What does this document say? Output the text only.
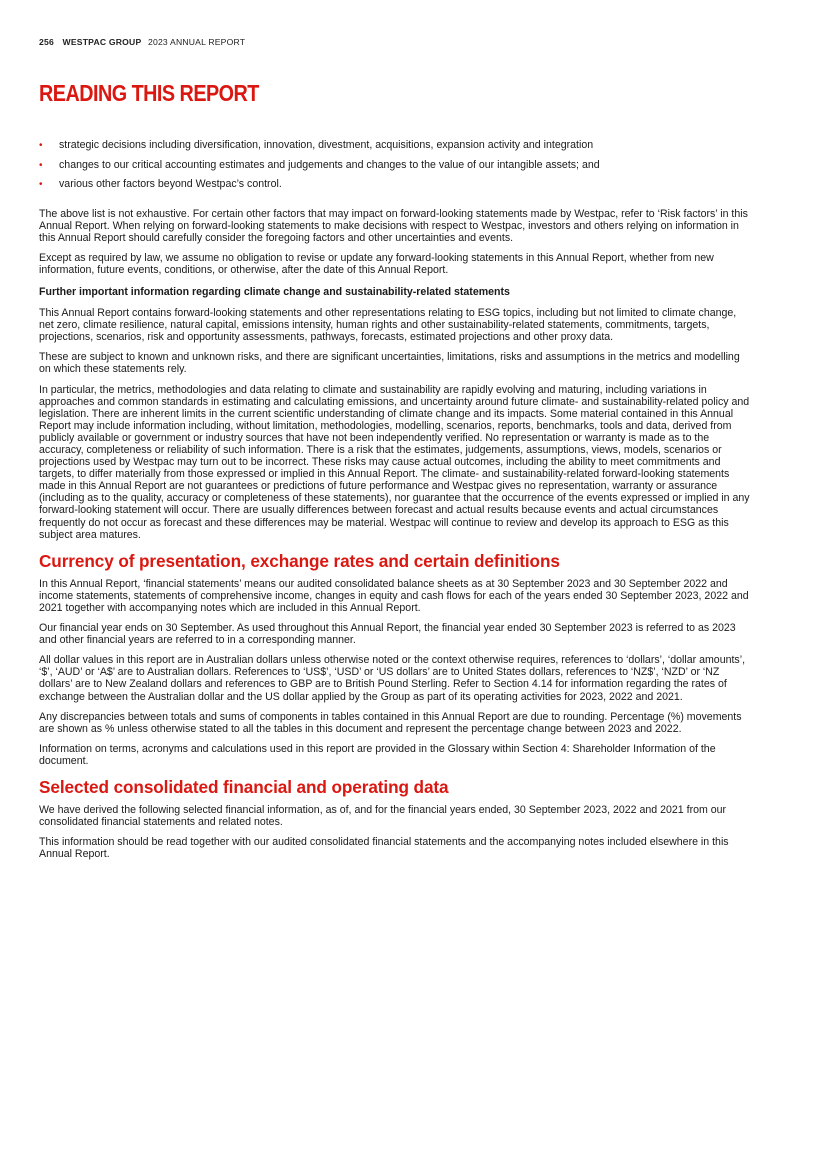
256 WESTPAC GROUP 2023 ANNUAL REPORT
READING THIS REPORT
• strategic decisions including diversification, innovation, divestment, acquisitions, expansion activity and integration
• changes to our critical accounting estimates and judgements and changes to the value of our intangible assets; and
• various other factors beyond Westpac’s control.

The above list is not exhaustive. For certain other factors that may impact on forward-looking statements made by Westpac, refer to ‘Risk factors’ in this Annual Report. When relying on forward-looking statements to make decisions with respect to Westpac, investors and others relying on information in this Annual Report should carefully consider the foregoing factors and other uncertainties and events.

Except as required by law, we assume no obligation to revise or update any forward-looking statements in this Annual Report, whether from new information, future events, conditions, or otherwise, after the date of this Annual Report.

Further important information regarding climate change and sustainability-related statements

This Annual Report contains forward-looking statements and other representations relating to ESG topics, including but not limited to climate change, net zero, climate resilience, natural capital, emissions intensity, human rights and other sustainability-related statements, commitments, targets, projections, scenarios, risk and opportunity assessments, pathways, forecasts, estimated projections and other proxy data.

These are subject to known and unknown risks, and there are significant uncertainties, limitations, risks and assumptions in the metrics and modelling on which these statements rely.

In particular, the metrics, methodologies and data relating to climate and sustainability are rapidly evolving and maturing, including variations in approaches and common standards in estimating and calculating emissions, and uncertainty around future climate- and sustainability-related policy and legislation. There are inherent limits in the current scientific understanding of climate change and its impacts. Some material contained in this Annual Report may include information including, without limitation, methodologies, modelling, scenarios, reports, benchmarks, tools and data, derived from publicly available or government or industry sources that have not been independently verified. No representation or warranty is made as to the accuracy, completeness or reliability of such information. There is a risk that the estimates, judgements, assumptions, views, models, scenarios or projections used by Westpac may turn out to be incorrect. These risks may cause actual outcomes, including the ability to meet commitments and targets, to differ materially from those expressed or implied in this Annual Report. The climate- and sustainability-related forward-looking statements made in this Annual Report are not guarantees or predictions of future performance and Westpac gives no representation, warranty or assurance (including as to the quality, accuracy or completeness of these statements), nor guarantee that the occurrence of the events expressed or implied in any forward-looking statement will occur. There are usually differences between forecast and actual results because events and actual circumstances frequently do not occur as forecast and these differences may be material. Westpac will continue to review and develop its approach to ESG as this subject area matures.

Currency of presentation, exchange rates and certain definitions

In this Annual Report, ‘financial statements’ means our audited consolidated balance sheets as at 30 September 2023 and 30 September 2022 and income statements, statements of comprehensive income, changes in equity and cash flows for each of the years ended 30 September 2023, 2022 and 2021 together with accompanying notes which are included in this Annual Report.

Our financial year ends on 30 September. As used throughout this Annual Report, the financial year ended 30 September 2023 is referred to as 2023 and other financial years are referred to in a corresponding manner.

All dollar values in this report are in Australian dollars unless otherwise noted or the context otherwise requires, references to ‘dollars’, ‘dollar amounts’, ‘$’, ‘AUD’ or ‘A$’ are to Australian dollars. References to ‘US$’, ‘USD’ or ‘US dollars’ are to United States dollars, references to ‘NZ$’, ‘NZD’ or ‘NZ dollars’ are to New Zealand dollars and references to GBP are to British Pound Sterling. Refer to Section 4.14 for information regarding the rates of exchange between the Australian dollar and the US dollar applied by the Group as part of its operating activities for 2023, 2022 and 2021.

Any discrepancies between totals and sums of components in tables contained in this Annual Report are due to rounding. Percentage (%) movements are shown as % unless otherwise stated to all the tables in this document and represent the percentage change between 2023 and 2022.

Information on terms, acronyms and calculations used in this report are provided in the Glossary within Section 4: Shareholder Information of the document.

Selected consolidated financial and operating data

We have derived the following selected financial information, as of, and for the financial years ended, 30 September 2023, 2022 and 2021 from our consolidated financial statements and related notes.

This information should be read together with our audited consolidated financial statements and the accompanying notes included elsewhere in this Annual Report.
